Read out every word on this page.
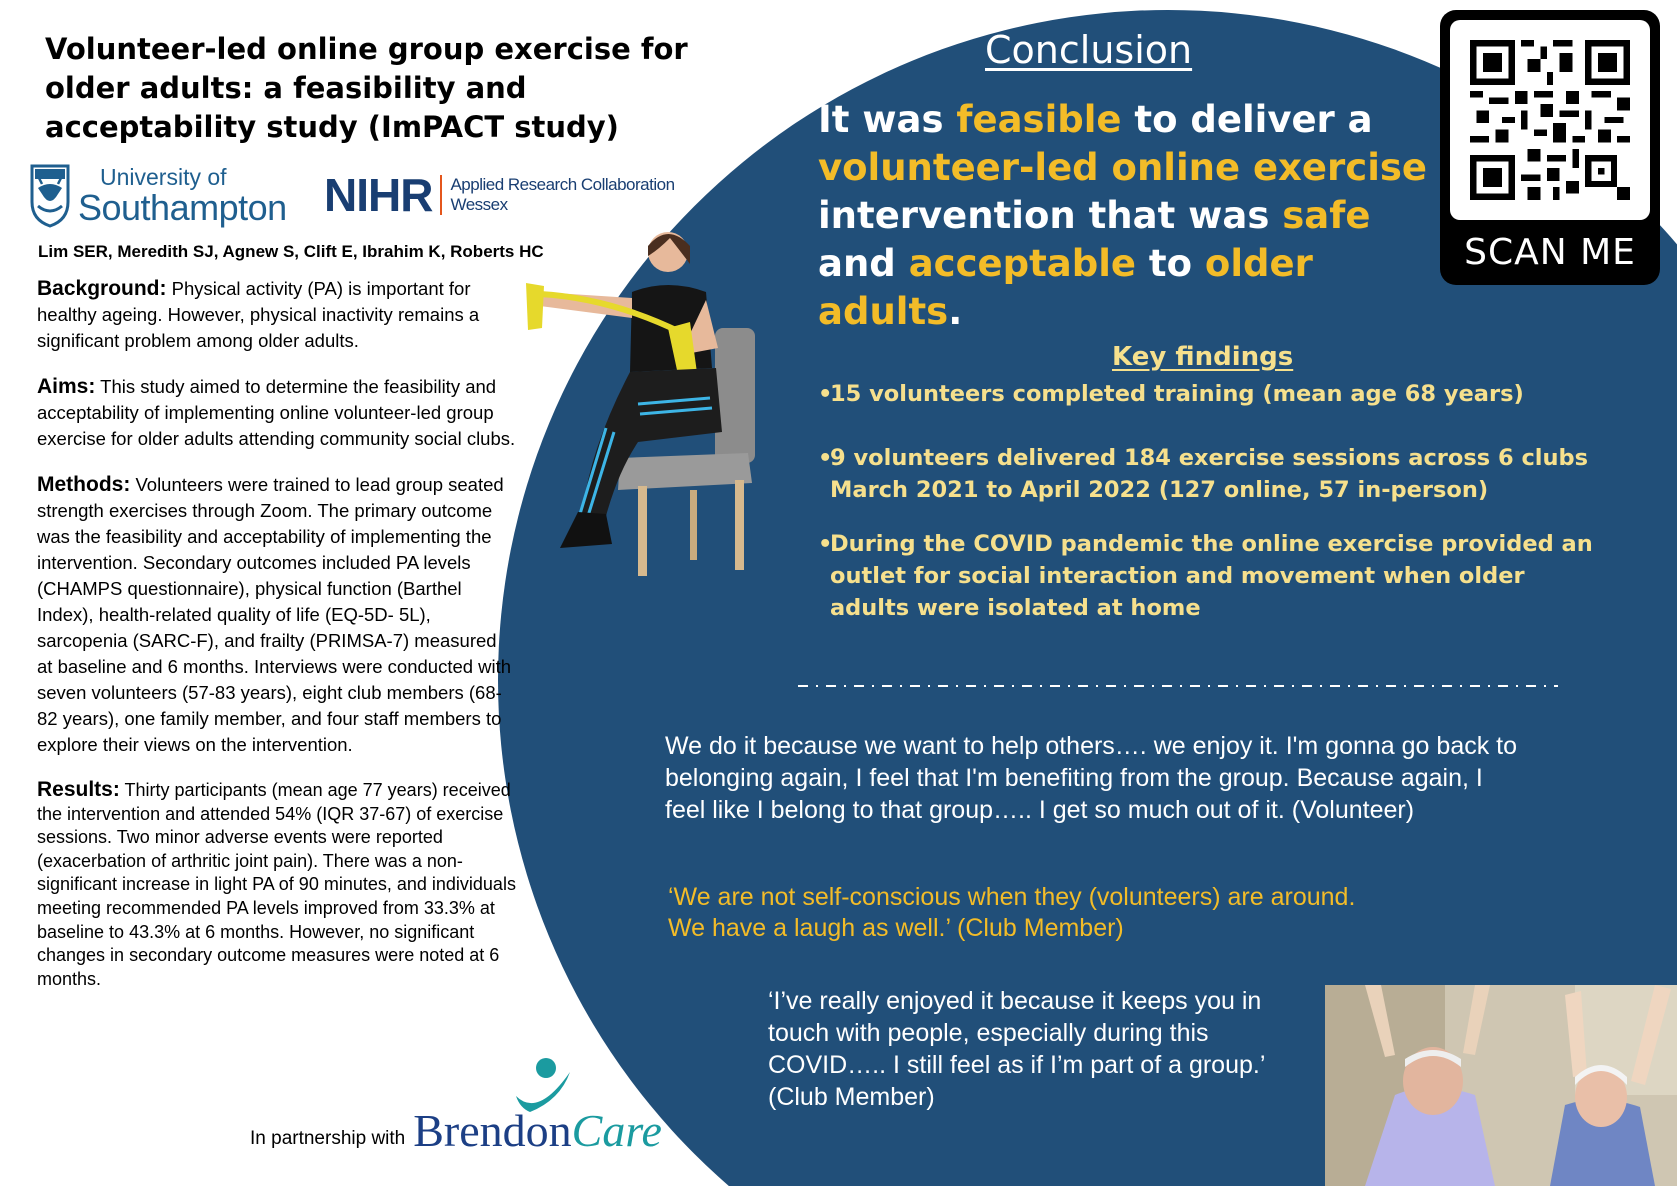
Volunteer-led online group exercise for older adults: a feasibility and acceptability study (ImPACT study)
University of
Southampton NIHR Applied Research Collaboration
Wessex
Lim SER, Meredith SJ, Agnew S, Clift E, Ibrahim K, Roberts HC

Background: Physical activity (PA) is important for healthy ageing. However, physical inactivity remains a significant problem among older adults.

Aims: This study aimed to determine the feasibility and acceptability of implementing online volunteer-led group exercise for older adults attending community social clubs.

Methods: Volunteers were trained to lead group seated strength exercises through Zoom. The primary outcome was the feasibility and acceptability of implementing the intervention. Secondary outcomes included PA levels (CHAMPS questionnaire), physical function (Barthel Index), health-related quality of life (EQ-5D- 5L), sarcopenia (SARC-F), and frailty (PRIMSA-7) measured at baseline and 6 months. Interviews were conducted with seven volunteers (57-83 years), eight club members (68-82 years), one family member, and four staff members to explore their views on the intervention.

Results: Thirty participants (mean age 77 years) received the intervention and attended 54% (IQR 37-67) of exercise sessions. Two minor adverse events were reported (exacerbation of arthritic joint pain). There was a non-significant increase in light PA of 90 minutes, and individuals meeting recommended PA levels improved from 33.3% at baseline to 43.3% at 6 months. However, no significant changes in secondary outcome measures were noted at 6 months.

In partnership with BrendonCare
Conclusion

It was feasible to deliver a volunteer-led online exercise intervention that was safe and acceptable to older adults.

Key findings
• 15 volunteers completed training (mean age 68 years)
• 9 volunteers delivered 184 exercise sessions across 6 clubs March 2021 to April 2022 (127 online, 57 in-person)
• During the COVID pandemic the online exercise provided an outlet for social interaction and movement when older adults were isolated at home

We do it because we want to help others…. we enjoy it. I'm gonna go back to belonging again, I feel that I'm benefiting from the group. Because again, I feel like I belong to that group….. I get so much out of it. (Volunteer)

‘We are not self-conscious when they (volunteers) are around. We have a laugh as well.’ (Club Member)

‘I’ve really enjoyed it because it keeps you in touch with people, especially during this COVID….. I still feel as if I’m part of a group.’ (Club Member)

SCAN ME
